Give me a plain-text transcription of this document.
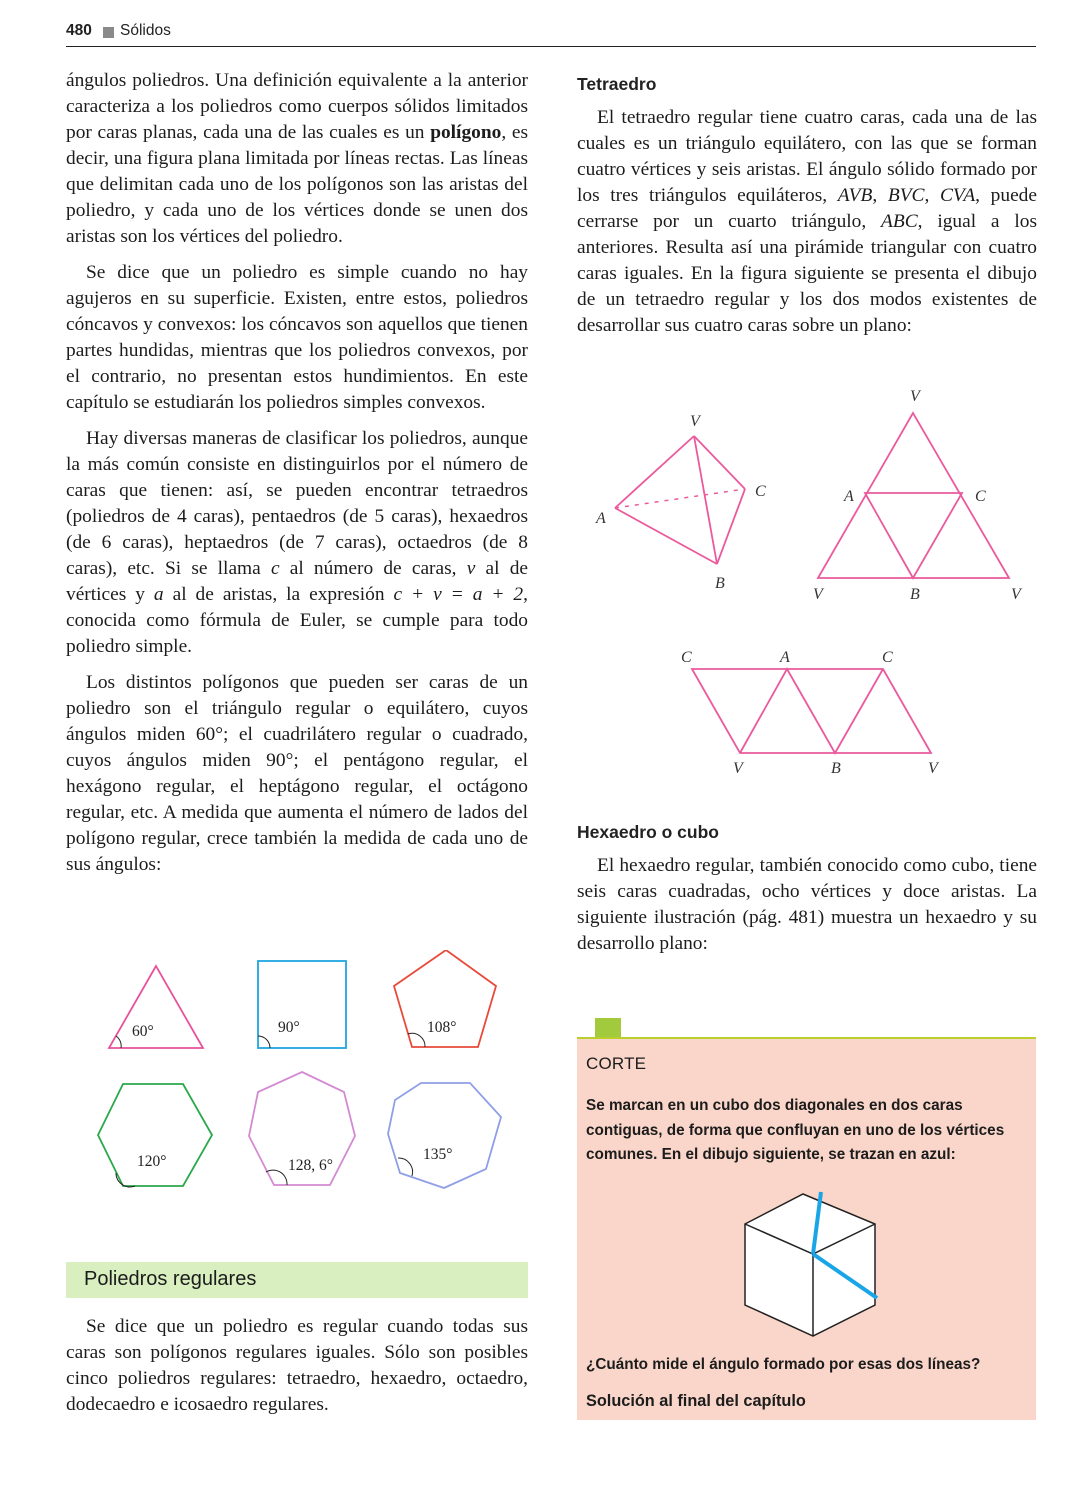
480 Sólidos

ángulos poliedros. Una definición equivalente a la anterior caracteriza a los poliedros como cuerpos sólidos limitados por caras planas, cada una de las cuales es un polígono, es decir, una figura plana limitada por líneas rectas. Las líneas que delimitan cada uno de los polígonos son las aristas del poliedro, y cada uno de los vértices donde se unen dos aristas son los vértices del poliedro.

Se dice que un poliedro es simple cuando no hay agujeros en su superficie. Existen, entre estos, poliedros cóncavos y convexos: los cóncavos son aquellos que tienen partes hundidas, mientras que los poliedros convexos, por el contrario, no presentan estos hundimientos. En este capítulo se estudiarán los poliedros simples convexos.

Hay diversas maneras de clasificar los poliedros, aunque la más común consiste en distinguirlos por el número de caras que tienen: así, se pueden encontrar tetraedros (poliedros de 4 caras), pentaedros (de 5 caras), hexaedros (de 6 caras), heptaedros (de 7 caras), octaedros (de 8 caras), etc. Si se llama c al número de caras, v al de vértices y a al de aristas, la expresión c + v = a + 2, conocida como fórmula de Euler, se cumple para todo poliedro simple.

Los distintos polígonos que pueden ser caras de un poliedro son el triángulo regular o equilátero, cuyos ángulos miden 60°; el cuadrilátero regular o cuadrado, cuyos ángulos miden 90°; el pentágono regular, el hexágono regular, el heptágono regular, el octágono regular, etc. A medida que aumenta el número de lados del polígono regular, crece también la medida de cada uno de sus ángulos:

60°	90°	108°
120°	128, 6°
135°
Poliedros regulares

Se dice que un poliedro es regular cuando todas sus caras son polígonos regulares iguales. Sólo son posibles cinco poliedros regulares: tetraedro, hexaedro, octaedro, dodecaedro e icosaedro regulares.

Tetraedro

El tetraedro regular tiene cuatro caras, cada una de las cuales es un triángulo equilátero, con las que se forman cuatro vértices y seis aristas. El ángulo sólido formado por los tres triángulos equiláteros, AVB, BVC, CVA, puede cerrarse por un cuarto triángulo, ABC, igual a los anteriores. Resulta así una pirámide triangular con cuatro caras iguales. En la figura siguiente se presenta el dibujo de un tetraedro regular y los dos modos existentes de desarrollar sus cuatro caras sobre un plano:

V
A
B
C
V
A	C
V	B	V
C	A	C
V	B	V
Hexaedro o cubo

El hexaedro regular, también conocido como cubo, tiene seis caras cuadradas, ocho vértices y doce aristas. La siguiente ilustración (pág. 481) muestra un hexaedro y su desarrollo plano:

CORTE
Se marcan en un cubo dos diagonales en dos caras contiguas, de forma que confluyan en uno de los vértices comunes. En el dibujo siguiente, se trazan en azul:
¿Cuánto mide el ángulo formado por esas dos líneas?
Solución al final del capítulo
